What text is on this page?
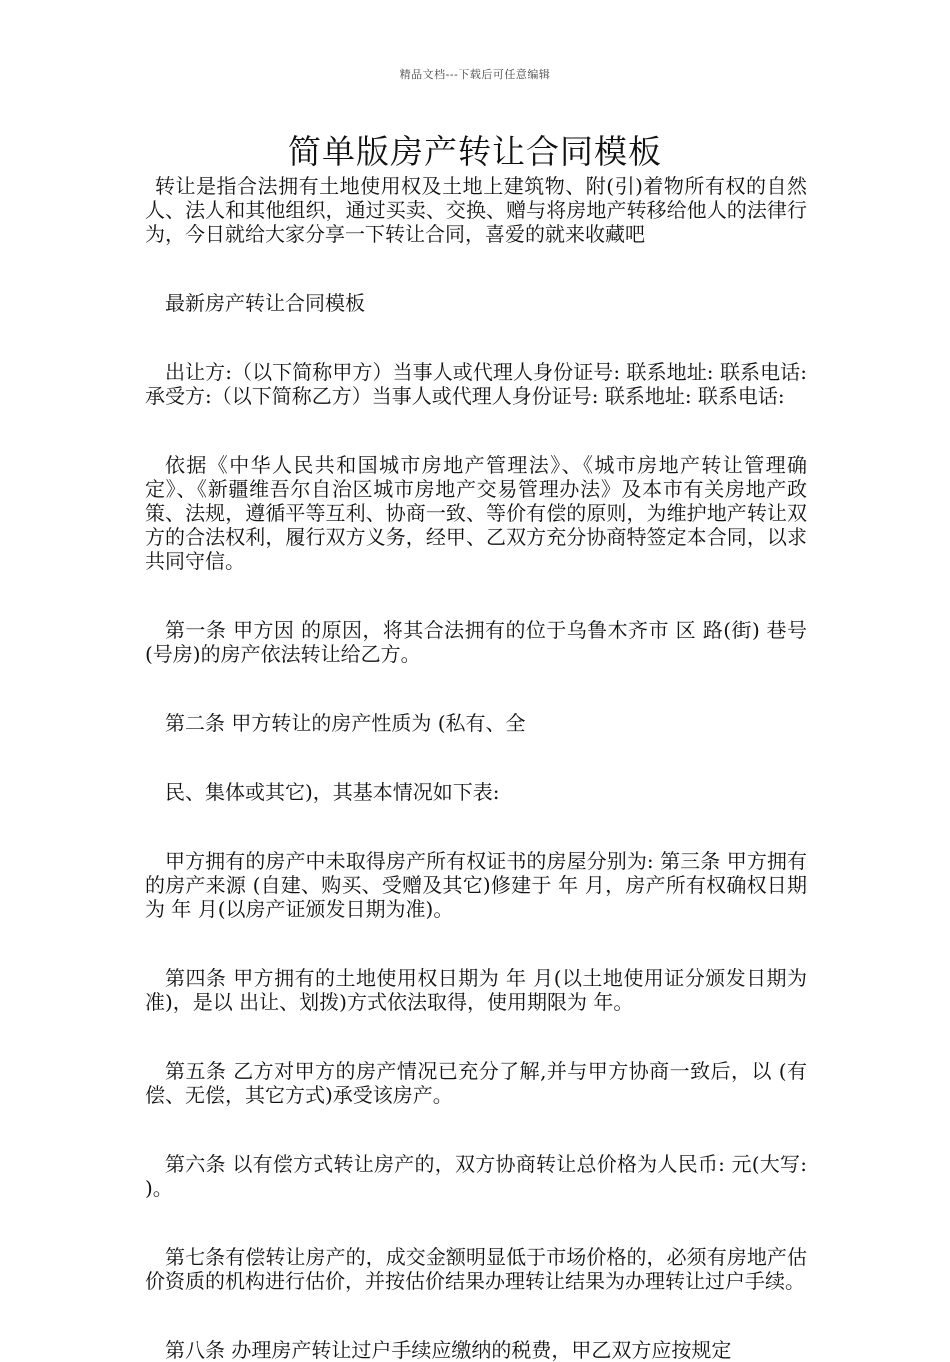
精品文档---下载后可任意编辑
简单版房产转让合同模板

转让是指合法拥有土地使用权及土地上建筑物、附(引)着物所有权的自然人、法人和其他组织，通过买卖、交换、赠与将房地产转移给他人的法律行为，今日就给大家分享一下转让合同，喜爱的就来收藏吧

最新房产转让合同模板

出让方:（以下简称甲方）当事人或代理人身份证号: 联系地址: 联系电话: 承受方:（以下简称乙方）当事人或代理人身份证号: 联系地址: 联系电话:

依据《中华人民共和国城市房地产管理法》、《城市房地产转让管理确定》、《新疆维吾尔自治区城市房地产交易管理办法》及本市有关房地产政策、法规，遵循平等互利、协商一致、等价有偿的原则，为维护地产转让双方的合法权利，履行双方义务，经甲、乙双方充分协商特签定本合同，以求共同守信。

第一条 甲方因 的原因，将其合法拥有的位于乌鲁木齐市 区 路(街) 巷号 (号房)的房产依法转让给乙方。

第二条 甲方转让的房产性质为 (私有、全

民、集体或其它)，其基本情况如下表:

甲方拥有的房产中未取得房产所有权证书的房屋分别为: 第三条 甲方拥有的房产来源 (自建、购买、受赠及其它)修建于 年 月，房产所有权确权日期为 年 月(以房产证颁发日期为准)。

第四条 甲方拥有的土地使用权日期为 年 月(以土地使用证分颁发日期为准)，是以 出让、划拨)方式依法取得，使用期限为 年。

第五条 乙方对甲方的房产情况已充分了解,并与甲方协商一致后，以 (有偿、无偿，其它方式)承受该房产。

第六条 以有偿方式转让房产的，双方协商转让总价格为人民币: 元(大写: )。

第七条有偿转让房产的，成交金额明显低于市场价格的，必须有房地产估价资质的机构进行估价，并按估价结果办理转让结果为办理转让过户手续。

第八条 办理房产转让过户手续应缴纳的税费，甲乙双方应按规定
